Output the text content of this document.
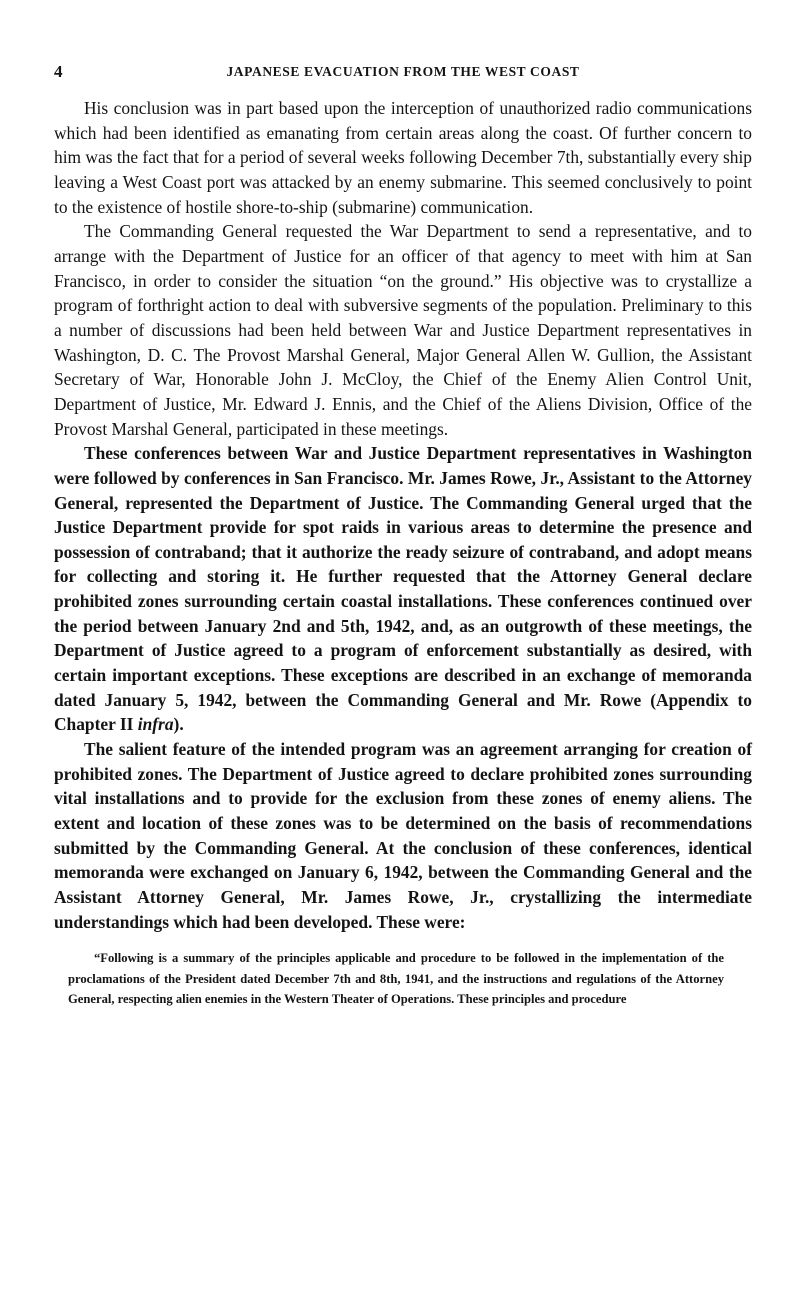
4	JAPANESE EVACUATION FROM THE WEST COAST

His conclusion was in part based upon the interception of unauthorized radio communications which had been identified as emanating from certain areas along the coast. Of further concern to him was the fact that for a period of several weeks following December 7th, substantially every ship leaving a West Coast port was attacked by an enemy submarine. This seemed conclusively to point to the existence of hostile shore-to-ship (submarine) communication.

The Commanding General requested the War Department to send a representative, and to arrange with the Department of Justice for an officer of that agency to meet with him at San Francisco, in order to consider the situation “on the ground.” His objective was to crystallize a program of forthright action to deal with subversive segments of the population. Preliminary to this a number of discussions had been held between War and Justice Department representatives in Washington, D. C. The Provost Marshal General, Major General Allen W. Gullion, the Assistant Secretary of War, Honorable John J. McCloy, the Chief of the Enemy Alien Control Unit, Department of Justice, Mr. Edward J. Ennis, and the Chief of the Aliens Division, Office of the Provost Marshal General, participated in these meetings.

These conferences between War and Justice Department representatives in Washington were followed by conferences in San Francisco. Mr. James Rowe, Jr., Assistant to the Attorney General, represented the Department of Justice. The Commanding General urged that the Justice Department provide for spot raids in various areas to determine the presence and possession of contraband; that it authorize the ready seizure of contraband, and adopt means for collecting and storing it. He further requested that the Attorney General declare prohibited zones surrounding certain coastal installations. These conferences continued over the period between January 2nd and 5th, 1942, and, as an outgrowth of these meetings, the Department of Justice agreed to a program of enforcement substantially as desired, with certain important exceptions. These exceptions are described in an exchange of memoranda dated January 5, 1942, between the Commanding General and Mr. Rowe (Appendix to Chapter II infra).

The salient feature of the intended program was an agreement arranging for creation of prohibited zones. The Department of Justice agreed to declare prohibited zones surrounding vital installations and to provide for the exclusion from these zones of enemy aliens. The extent and location of these zones was to be determined on the basis of recommendations submitted by the Commanding General. At the conclusion of these conferences, identical memoranda were exchanged on January 6, 1942, between the Commanding General and the Assistant Attorney General, Mr. James Rowe, Jr., crystallizing the intermediate understandings which had been developed. These were:

“Following is a summary of the principles applicable and procedure to be followed in the implementation of the proclamations of the President dated December 7th and 8th, 1941, and the instructions and regulations of the Attorney General, respecting alien enemies in the Western Theater of Operations. These principles and procedure
